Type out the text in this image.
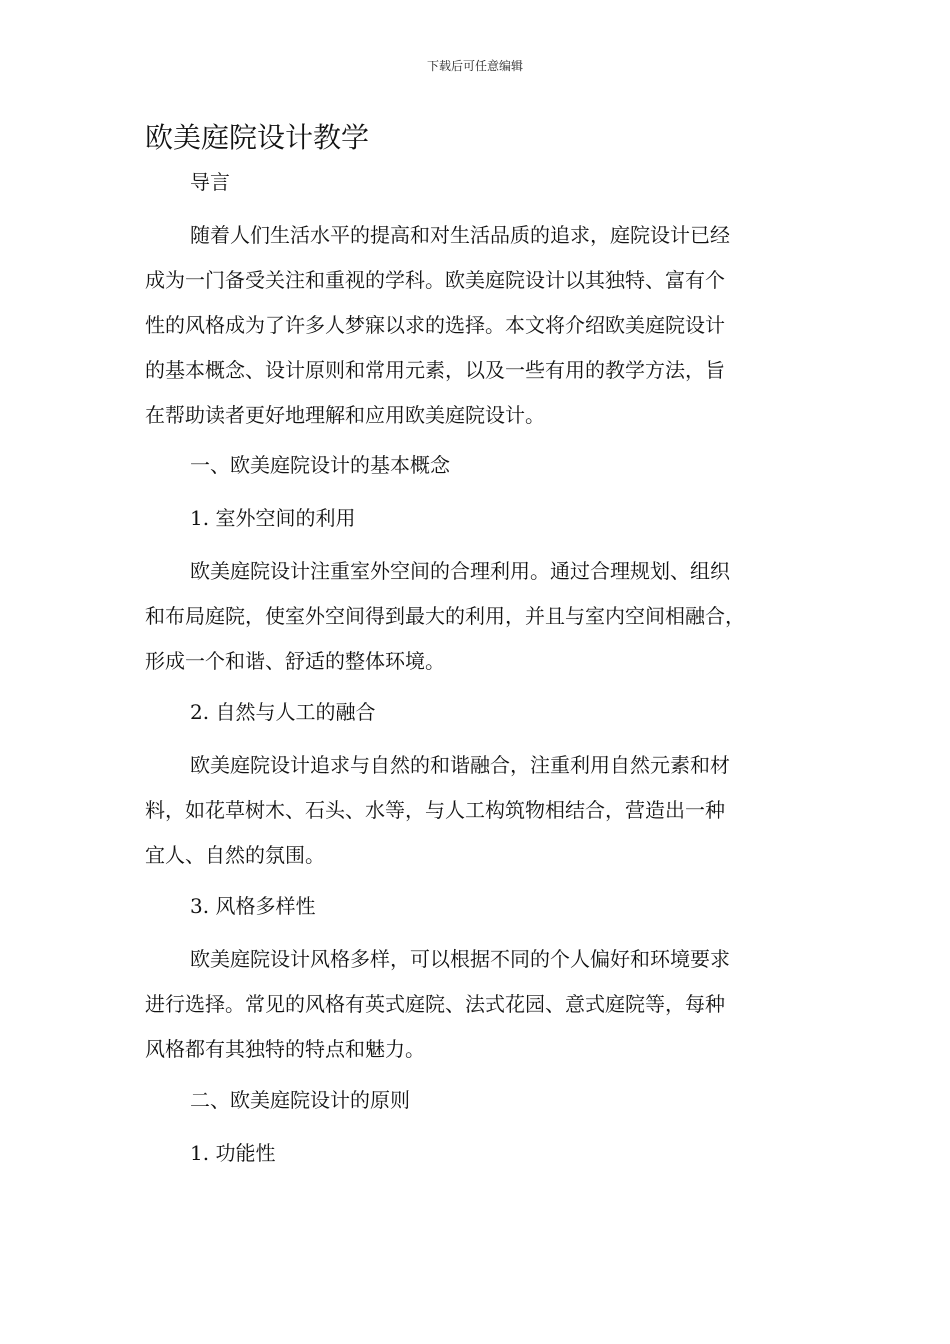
下载后可任意编辑
欧美庭院设计教学

导言

随着人们生活水平的提高和对生活品质的追求，庭院设计已经
成为一门备受关注和重视的学科。欧美庭院设计以其独特、富有个
性的风格成为了许多人梦寐以求的选择。本文将介绍欧美庭院设计
的基本概念、设计原则和常用元素，以及一些有用的教学方法，旨
在帮助读者更好地理解和应用欧美庭院设计。

一、欧美庭院设计的基本概念

1. 室外空间的利用

欧美庭院设计注重室外空间的合理利用。通过合理规划、组织
和布局庭院，使室外空间得到最大的利用，并且与室内空间相融合，
形成一个和谐、舒适的整体环境。

2. 自然与人工的融合

欧美庭院设计追求与自然的和谐融合，注重利用自然元素和材
料，如花草树木、石头、水等，与人工构筑物相结合，营造出一种
宜人、自然的氛围。

3. 风格多样性

欧美庭院设计风格多样，可以根据不同的个人偏好和环境要求
进行选择。常见的风格有英式庭院、法式花园、意式庭院等，每种
风格都有其独特的特点和魅力。

二、欧美庭院设计的原则

1. 功能性
